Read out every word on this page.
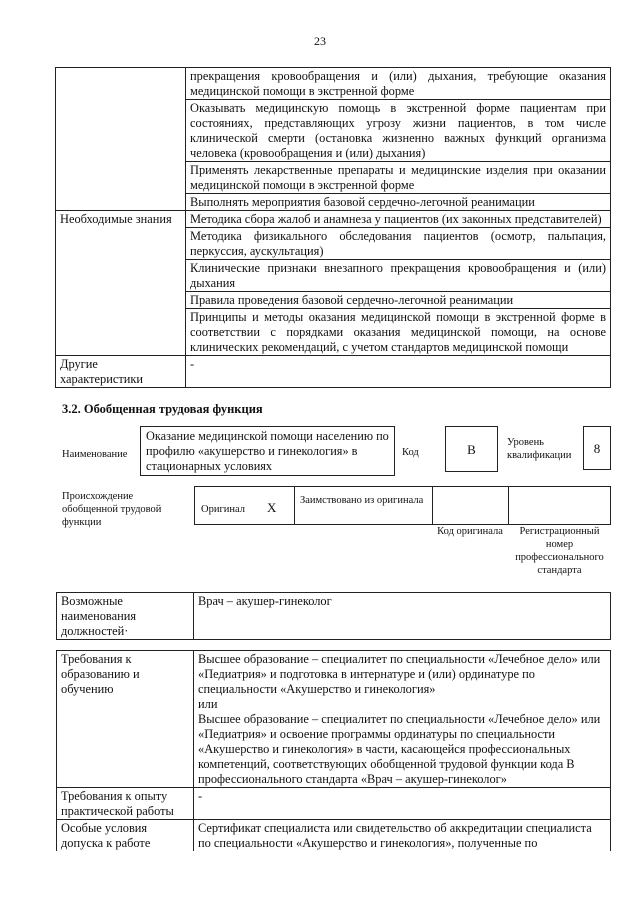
23
	прекращения кровообращения и (или) дыхания, требующие оказания медицинской помощи в экстренной форме
	Оказывать медицинскую помощь в экстренной форме пациентам при состояниях, представляющих угрозу жизни пациентов, в том числе клинической смерти (остановка жизненно важных функций организма человека (кровообращения и (или) дыхания)
	Применять лекарственные препараты и медицинские изделия при оказании медицинской помощи в экстренной форме
	Выполнять мероприятия базовой сердечно-легочной реанимации
Необходимые знания	Методика сбора жалоб и анамнеза у пациентов (их законных представителей)
	Методика физикального обследования пациентов (осмотр, пальпация, перкуссия, аускультация)
	Клинические признаки внезапного прекращения кровообращения и (или) дыхания
	Правила проведения базовой сердечно-легочной реанимации
	Принципы и методы оказания медицинской помощи в экстренной форме в соответствии с порядками оказания медицинской помощи, на основе клинических рекомендаций, с учетом стандартов медицинской помощи
Другие характеристики	-
3.2. Обобщенная трудовая функция
Наименование
Оказание медицинской помощи населению по профилю «акушерство и гинекология» в стационарных условиях
Код	B	Уровень квалификации	8
Происхождение обобщенной трудовой функции
Оригинал X Заимствовано из оригинала
Код оригинала	Регистрационный номер профессионального стандарта
Возможные наименования должностей·	Врач – акушер-гинеколог
Требования к образованию и обучению	Высшее образование – специалитет по специальности «Лечебное дело» или «Педиатрия» и подготовка в интернатуре и (или) ординатуре по специальности «Акушерство и гинекология»
или
Высшее образование – специалитет по специальности «Лечебное дело» или «Педиатрия» и освоение программы ординатуры по специальности «Акушерство и гинекология» в части, касающейся профессиональных компетенций, соответствующих обобщенной трудовой функции кода B профессионального стандарта «Врач – акушер-гинеколог»

Требования к опыту практической работы	-
Особые условия допуска к работе	Сертификат специалиста или свидетельство об аккредитации специалиста по специальности «Акушерство и гинекология», полученные по
